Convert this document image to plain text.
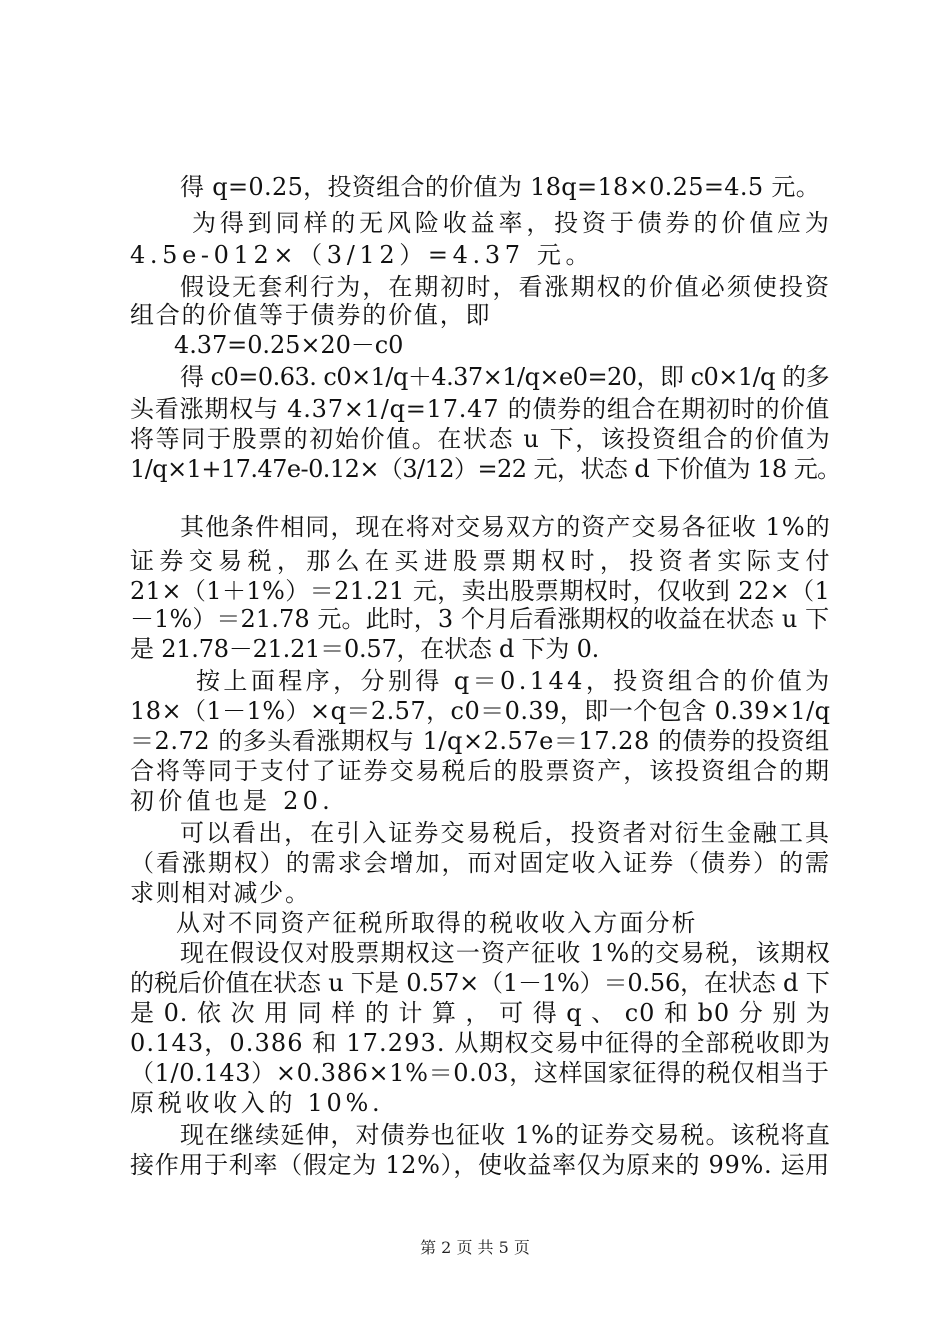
得 q=0.25，投资组合的价值为 18q=18×0.25=4.5 元。
为得到同样的无风险收益率，投资于债券的价值应为
4.5e-012×（3/12）=4.37 元。
假设无套利行为，在期初时，看涨期权的价值必须使投资
组合的价值等于债券的价值，即
4.37=0.25×20－c0
得 c0=0.63. c0×1/q＋4.37×1/q×e0=20，即 c0×1/q 的多
头看涨期权与 4.37×1/q=17.47 的债券的组合在期初时的价值
将等同于股票的初始价值。在状态 u 下，该投资组合的价值为
1/q×1+17.47e-0.12×（3/12）=22 元，状态 d 下价值为 18 元。
其他条件相同，现在将对交易双方的资产交易各征收 1%的
证券交易税，那么在买进股票期权时，投资者实际支付
21×（1＋1%）＝21.21 元，卖出股票期权时，仅收到 22×（1
－1%）＝21.78 元。此时，3 个月后看涨期权的收益在状态 u 下
是 21.78－21.21＝0.57，在状态 d 下为 0.
按上面程序，分别得 q＝0.144，投资组合的价值为
18×（1－1%）×q＝2.57，c0＝0.39，即一个包含 0.39×1/q
＝2.72 的多头看涨期权与 1/q×2.57e＝17.28 的债券的投资组
合将等同于支付了证券交易税后的股票资产，该投资组合的期
初价值也是 20.
可以看出，在引入证券交易税后，投资者对衍生金融工具
（看涨期权）的需求会增加，而对固定收入证券（债券）的需
求则相对减少。
从对不同资产征税所取得的税收收入方面分析
现在假设仅对股票期权这一资产征收 1%的交易税，该期权
的税后价值在状态 u 下是 0.57×（1－1%）＝0.56，在状态 d 下
是 0. 依 次 用 同 样 的 计 算 ， 可 得 q 、 c0 和 b0 分 别 为
0.143，0.386 和 17.293. 从期权交易中征得的全部税收即为
（1/0.143）×0.386×1%＝0.03，这样国家征得的税仅相当于
原税收收入的 10%.
现在继续延伸，对债券也征收 1%的证券交易税。该税将直
接作用于利率（假定为 12%），使收益率仅为原来的 99%. 运用
第 2 页 共 5 页
